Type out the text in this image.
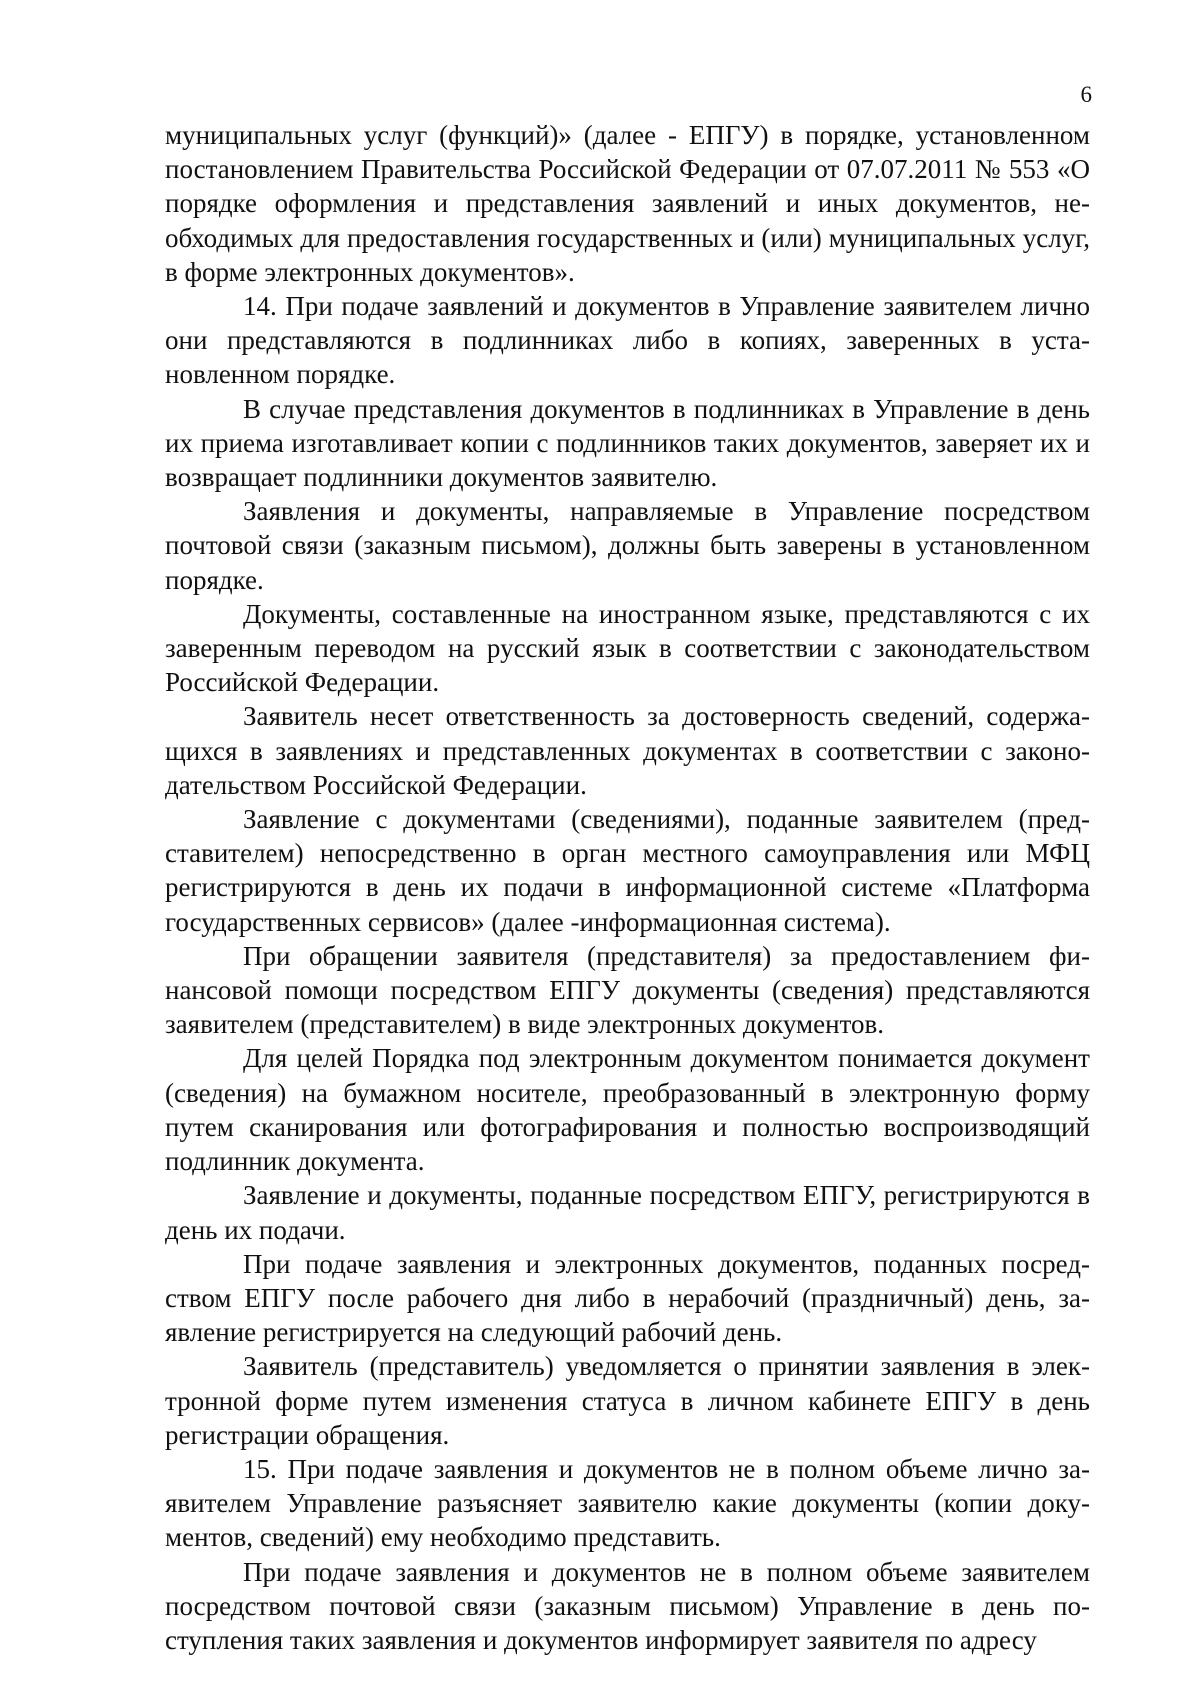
6

муниципальных услуг (функций)» (далее - ЕПГУ) в порядке, установленном постановлением Правительства Российской Федерации от 07.07.2011 № 553 «О порядке оформления и представления заявлений и иных документов, необходимых для предоставления государственных и (или) муниципальных услуг, в форме электронных документов».

14. При подаче заявлений и документов в Управление заявителем лично они представляются в подлинниках либо в копиях, заверенных в установленном порядке.

В случае представления документов в подлинниках в Управление в день их приема изготавливает копии с подлинников таких документов, заверяет их и возвращает подлинники документов заявителю.

Заявления и документы, направляемые в Управление посредством почтовой связи (заказным письмом), должны быть заверены в установленном порядке.

Документы, составленные на иностранном языке, представляются с их заверенным переводом на русский язык в соответствии с законодательством Российской Федерации.

Заявитель несет ответственность за достоверность сведений, содержащихся в заявлениях и представленных документах в соответствии с законодательством Российской Федерации.

Заявление с документами (сведениями), поданные заявителем (представителем) непосредственно в орган местного самоуправления или МФЦ регистрируются в день их подачи в информационной системе «Платформа государственных сервисов» (далее -информационная система).

При обращении заявителя (представителя) за предоставлением финансовой помощи посредством ЕПГУ документы (сведения) представляются заявителем (представителем) в виде электронных документов.

Для целей Порядка под электронным документом понимается документ (сведения) на бумажном носителе, преобразованный в электронную форму путем сканирования или фотографирования и полностью воспроизводящий подлинник документа.

Заявление и документы, поданные посредством ЕПГУ, регистрируются в день их подачи.

При подаче заявления и электронных документов, поданных посредством ЕПГУ после рабочего дня либо в нерабочий (праздничный) день, заявление регистрируется на следующий рабочий день.

Заявитель (представитель) уведомляется о принятии заявления в электронной форме путем изменения статуса в личном кабинете ЕПГУ в день регистрации обращения.

15. При подаче заявления и документов не в полном объеме лично заявителем Управление разъясняет заявителю какие документы (копии документов, сведений) ему необходимо представить.

При подаче заявления и документов не в полном объеме заявителем посредством почтовой связи (заказным письмом) Управление в день поступления таких заявления и документов информирует заявителя по адресу
